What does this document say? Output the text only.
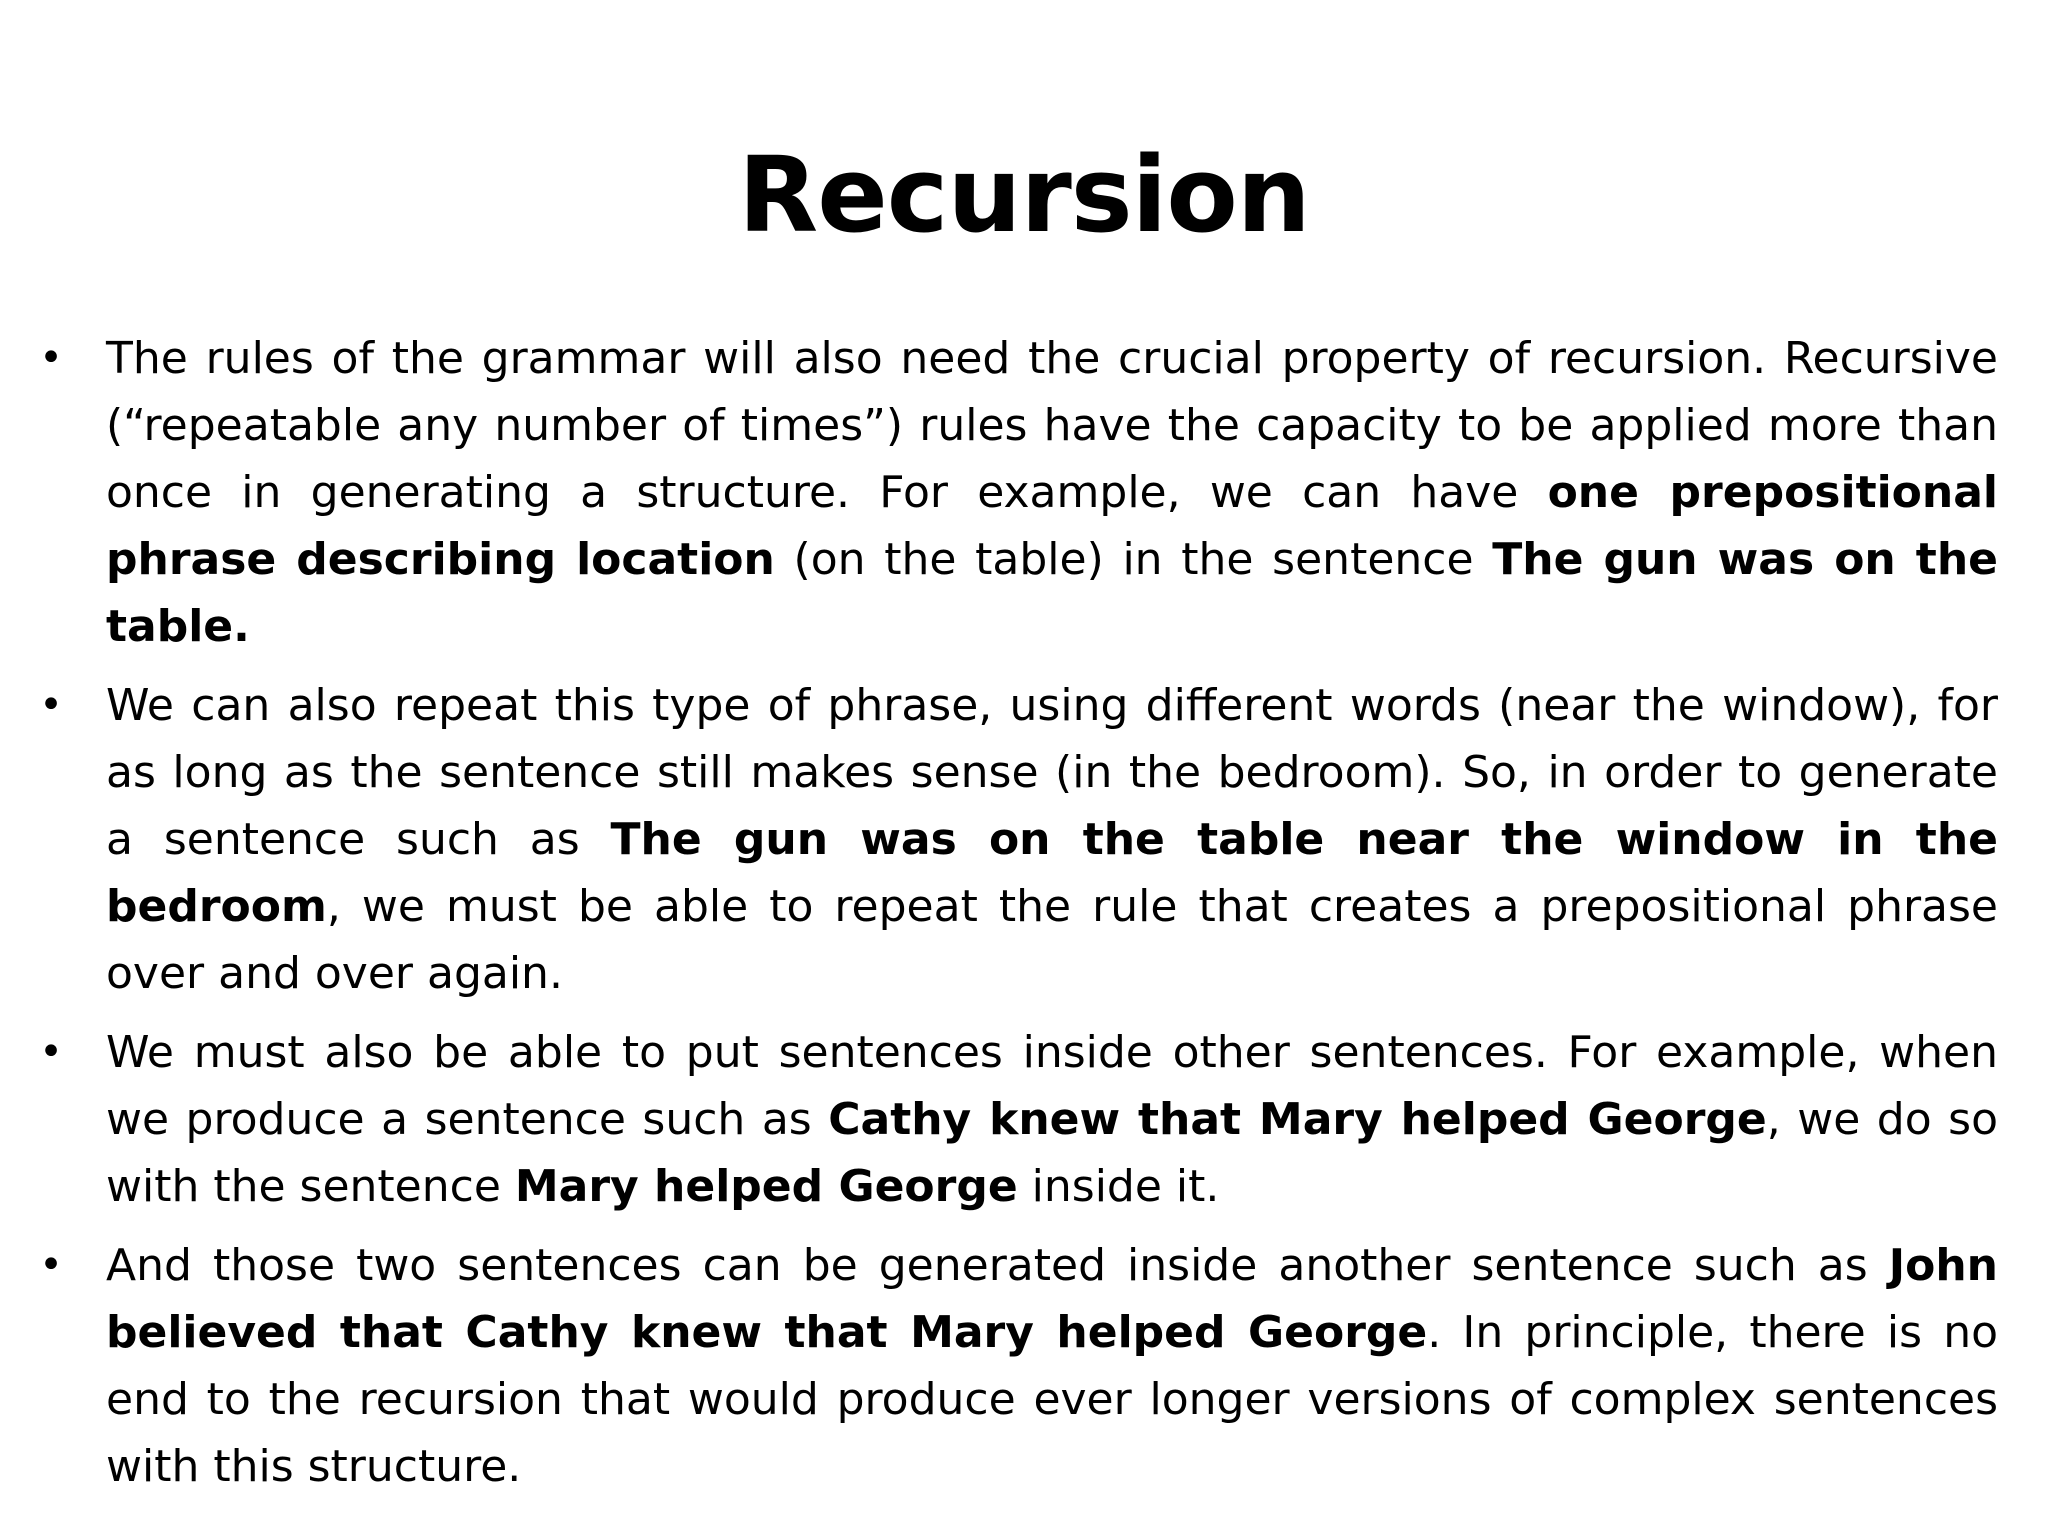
Recursion
• The rules of the grammar will also need the crucial property of recursion. Recursive (“repeatable any number of times”) rules have the capacity to be applied more than once in generating a structure. For example, we can have one prepositional phrase describing location (on the table) in the sentence The gun was on the table.
• We can also repeat this type of phrase, using different words (near the window), for as long as the sentence still makes sense (in the bedroom). So, in order to generate a sentence such as The gun was on the table near the window in the bedroom, we must be able to repeat the rule that creates a prepositional phrase over and over again.
• We must also be able to put sentences inside other sentences. For example, when we produce a sentence such as Cathy knew that Mary helped George, we do so with the sentence Mary helped George inside it.
• And those two sentences can be generated inside another sentence such as John believed that Cathy knew that Mary helped George. In principle, there is no end to the recursion that would produce ever longer versions of complex sentences with this structure.
